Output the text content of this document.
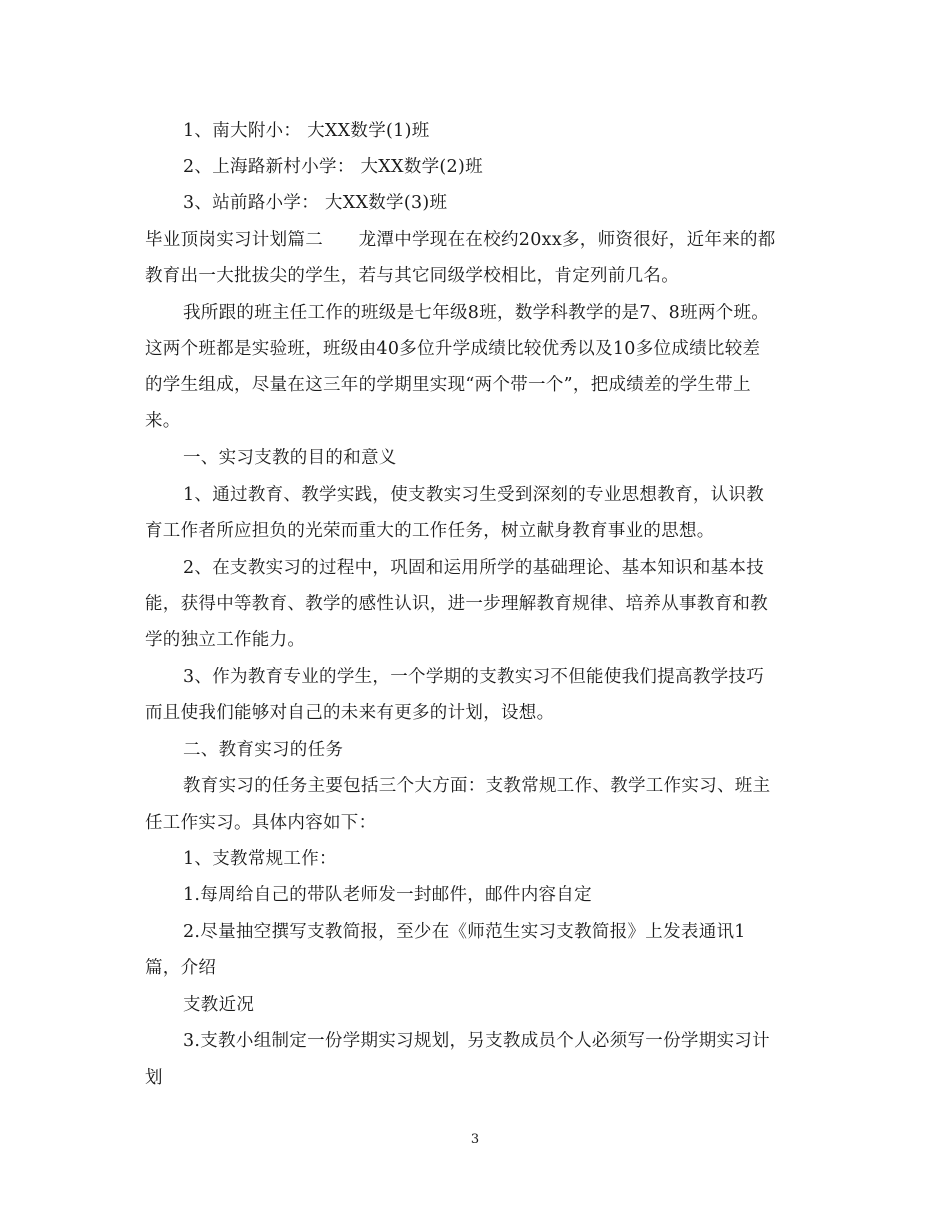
1、南大附小： 大XX数学(1)班
2、上海路新村小学： 大XX数学(2)班
3、站前路小学： 大XX数学(3)班
毕业顶岗实习计划篇二　　龙潭中学现在在校约20xx多，师资很好，近年来的都
教育出一大批拔尖的学生，若与其它同级学校相比，肯定列前几名。
我所跟的班主任工作的班级是七年级8班，数学科教学的是7、8班两个班。
这两个班都是实验班，班级由40多位升学成绩比较优秀以及10多位成绩比较差
的学生组成，尽量在这三年的学期里实现“两个带一个”，把成绩差的学生带上
来。
一、实习支教的目的和意义
1、通过教育、教学实践，使支教实习生受到深刻的专业思想教育，认识教
育工作者所应担负的光荣而重大的工作任务，树立献身教育事业的思想。
2、在支教实习的过程中，巩固和运用所学的基础理论、基本知识和基本技
能，获得中等教育、教学的感性认识，进一步理解教育规律、培养从事教育和教
学的独立工作能力。
3、作为教育专业的学生，一个学期的支教实习不但能使我们提高教学技巧
而且使我们能够对自己的未来有更多的计划，设想。
二、教育实习的任务
教育实习的任务主要包括三个大方面：支教常规工作、教学工作实习、班主
任工作实习。具体内容如下：
1、支教常规工作：
1.每周给自己的带队老师发一封邮件，邮件内容自定
2.尽量抽空撰写支教简报，至少在《师范生实习支教简报》上发表通讯1
篇，介绍
支教近况
3.支教小组制定一份学期实习规划，另支教成员个人必须写一份学期实习计
划
3
